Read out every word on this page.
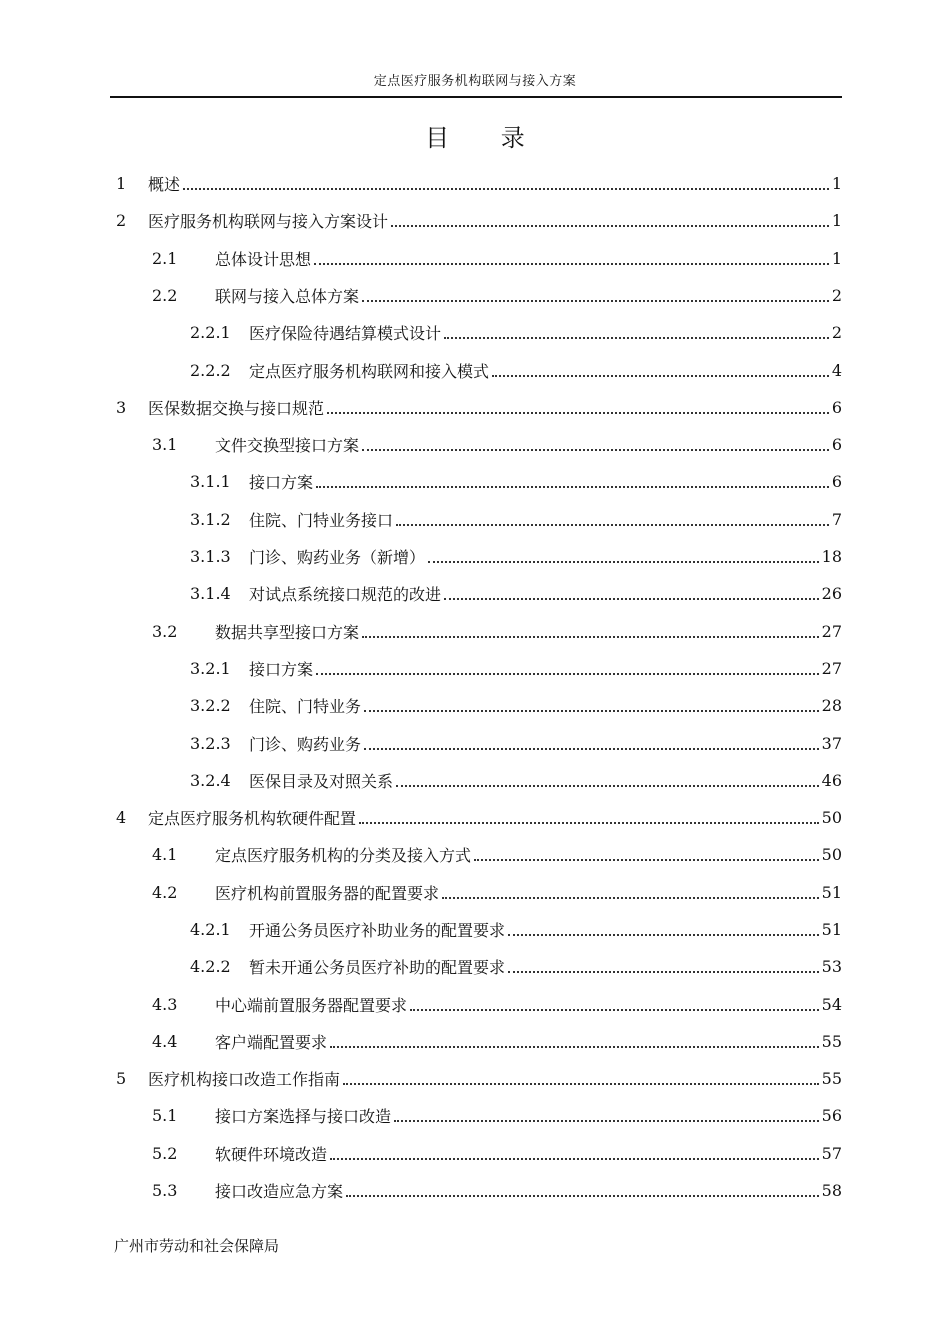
定点医疗服务机构联网与接入方案
目 录
1	概述	1
2	医疗服务机构联网与接入方案设计	1
2.1	总体设计思想	1
2.2	联网与接入总体方案	2
2.2.1	医疗保险待遇结算模式设计	2
2.2.2	定点医疗服务机构联网和接入模式	4
3	医保数据交换与接口规范	6
3.1	文件交换型接口方案	6
3.1.1	接口方案	6
3.1.2	住院、门特业务接口	7
3.1.3	门诊、购药业务（新增）	18
3.1.4	对试点系统接口规范的改进	26
3.2	数据共享型接口方案	27
3.2.1	接口方案	27
3.2.2	住院、门特业务	28
3.2.3	门诊、购药业务	37
3.2.4	医保目录及对照关系	46
4	定点医疗服务机构软硬件配置	50
4.1	定点医疗服务机构的分类及接入方式	50
4.2	医疗机构前置服务器的配置要求	51
4.2.1	开通公务员医疗补助业务的配置要求	51
4.2.2	暂未开通公务员医疗补助的配置要求	53
4.3	中心端前置服务器配置要求	54
4.4	客户端配置要求	55
5	医疗机构接口改造工作指南	55
5.1	接口方案选择与接口改造	56
5.2	软硬件环境改造	57
5.3	接口改造应急方案	58
广州市劳动和社会保障局
